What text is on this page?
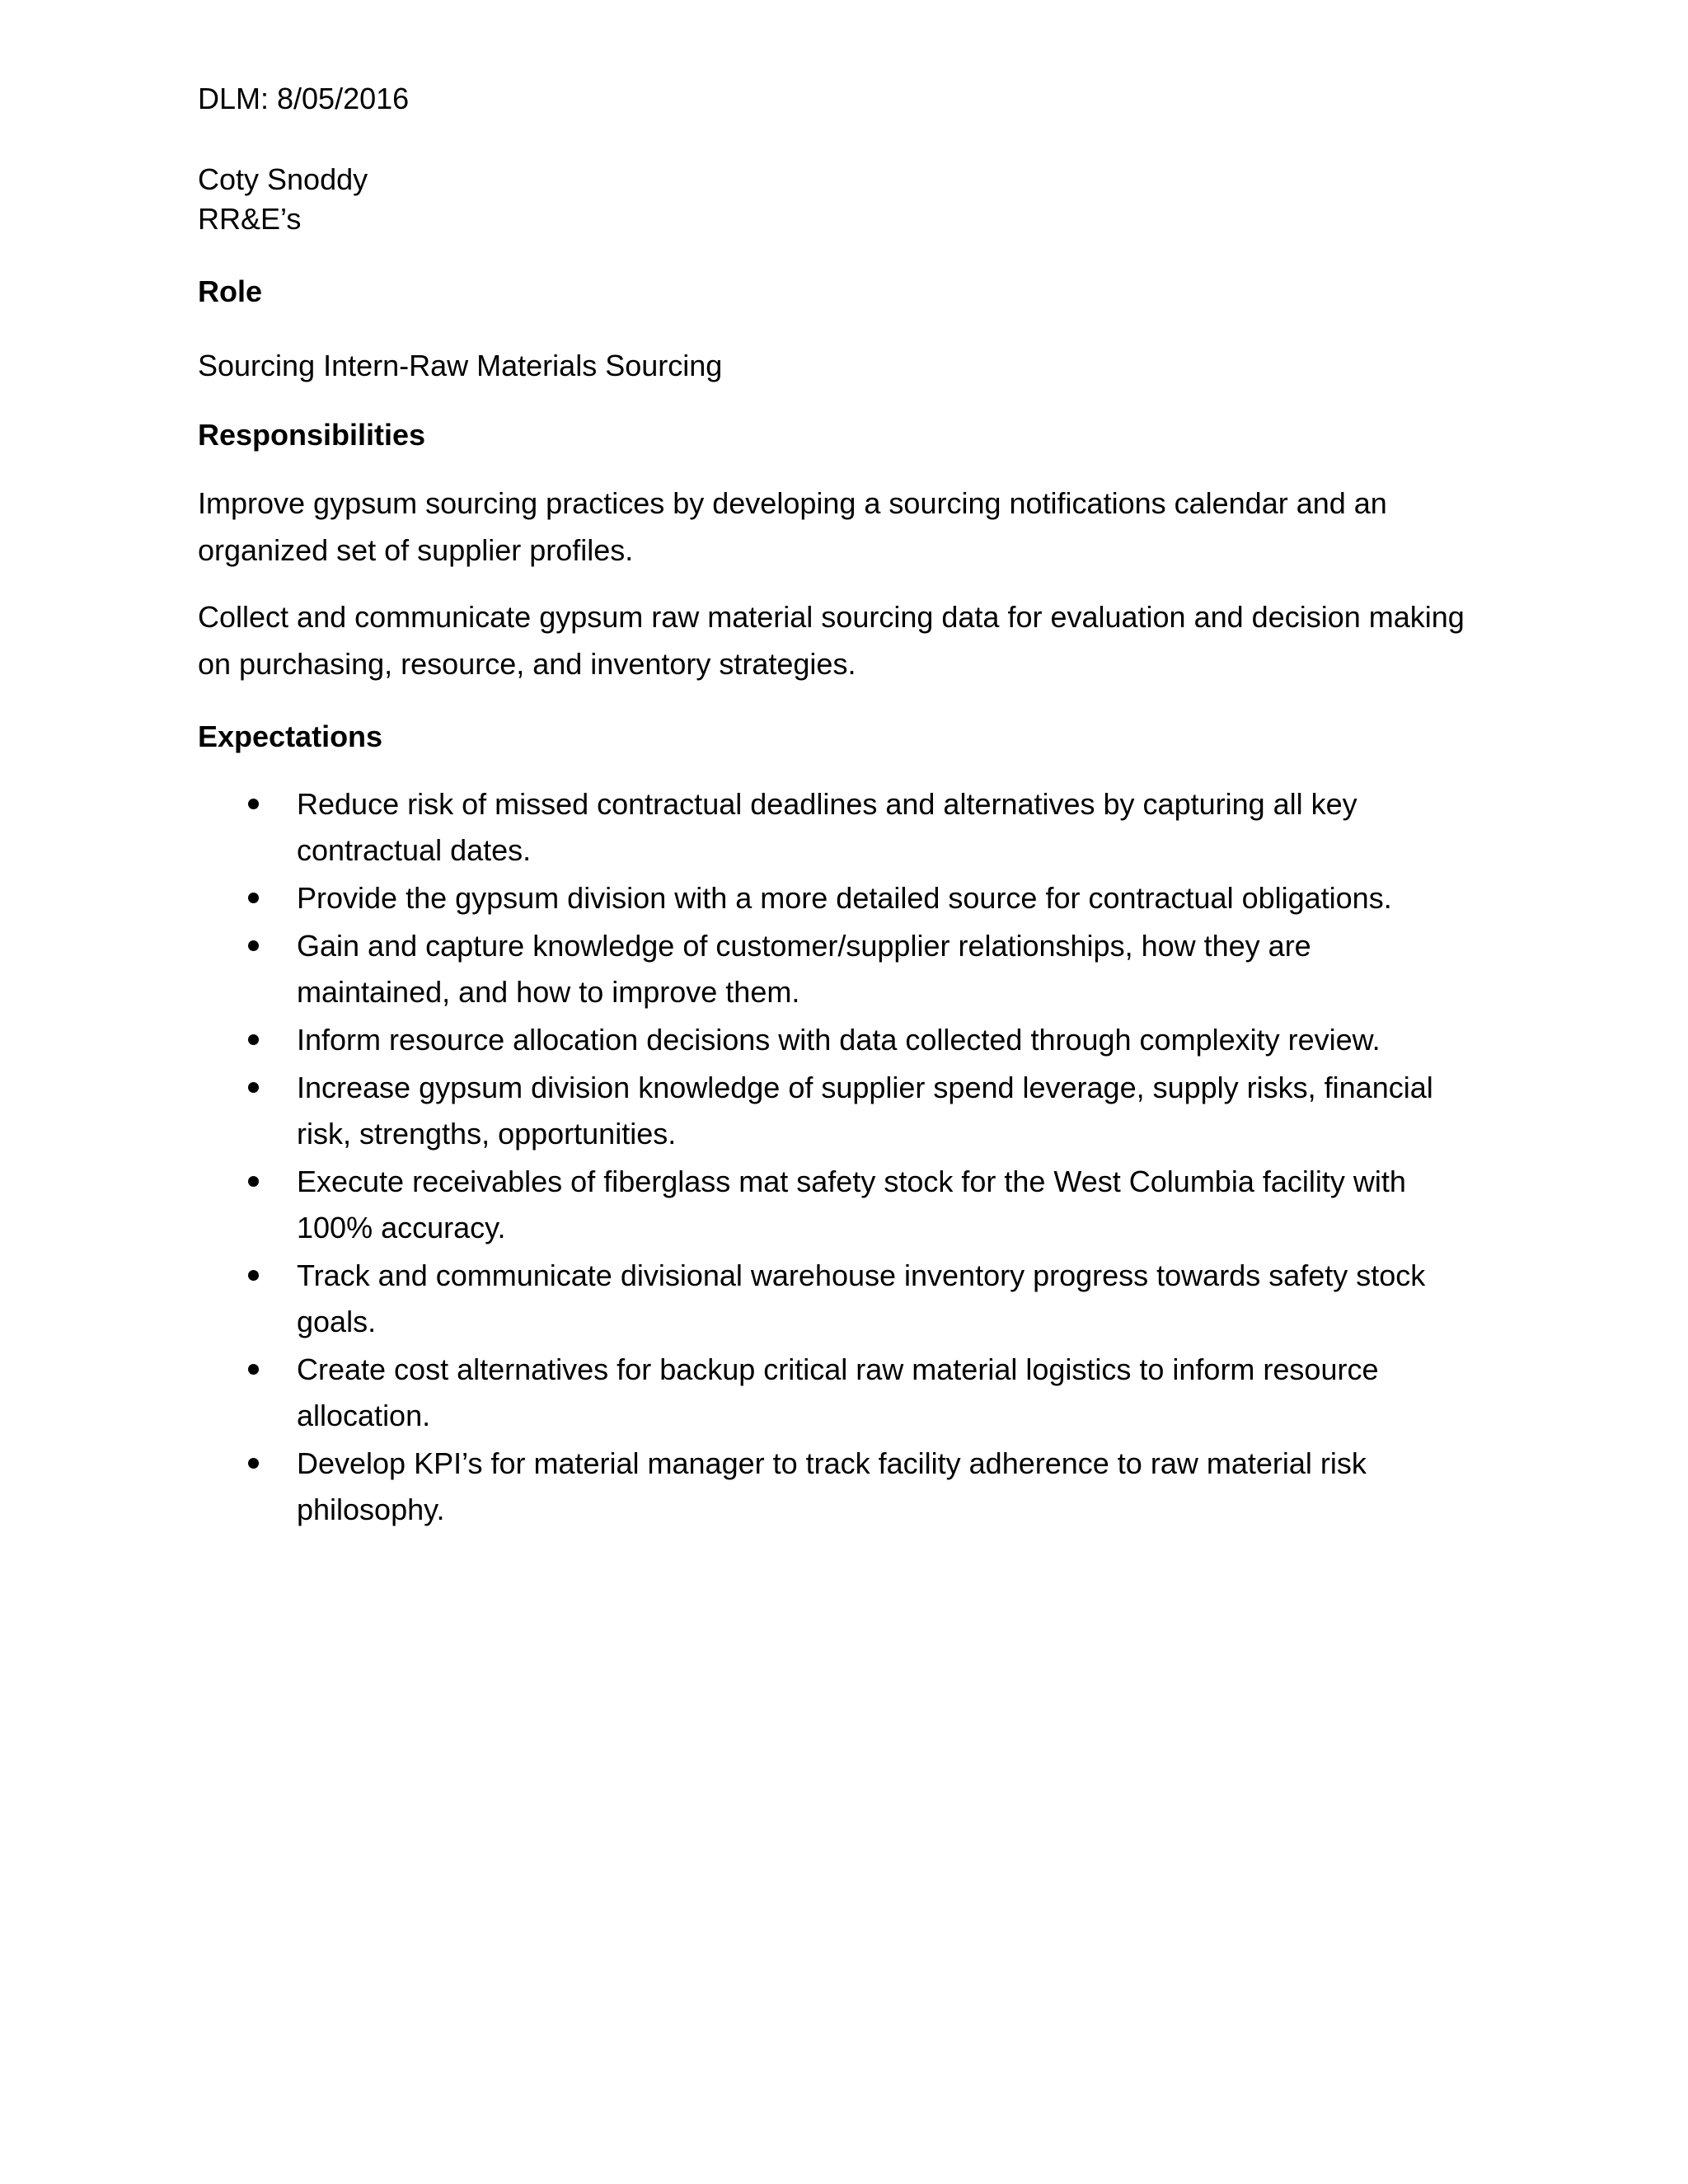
DLM: 8/05/2016

Coty Snoddy

RR&E’s

Role

Sourcing Intern-Raw Materials Sourcing

Responsibilities

Improve gypsum sourcing practices by developing a sourcing notifications calendar and an organized set of supplier profiles.

Collect and communicate gypsum raw material sourcing data for evaluation and decision making on purchasing, resource, and inventory strategies.

Expectations

Reduce risk of missed contractual deadlines and alternatives by capturing all key contractual dates.
Provide the gypsum division with a more detailed source for contractual obligations.
Gain and capture knowledge of customer/supplier relationships, how they are maintained, and how to improve them.
Inform resource allocation decisions with data collected through complexity review.
Increase gypsum division knowledge of supplier spend leverage, supply risks, financial risk, strengths, opportunities.
Execute receivables of fiberglass mat safety stock for the West Columbia facility with 100% accuracy.
Track and communicate divisional warehouse inventory progress towards safety stock goals.
Create cost alternatives for backup critical raw material logistics to inform resource allocation.
Develop KPI’s for material manager to track facility adherence to raw material risk philosophy.
